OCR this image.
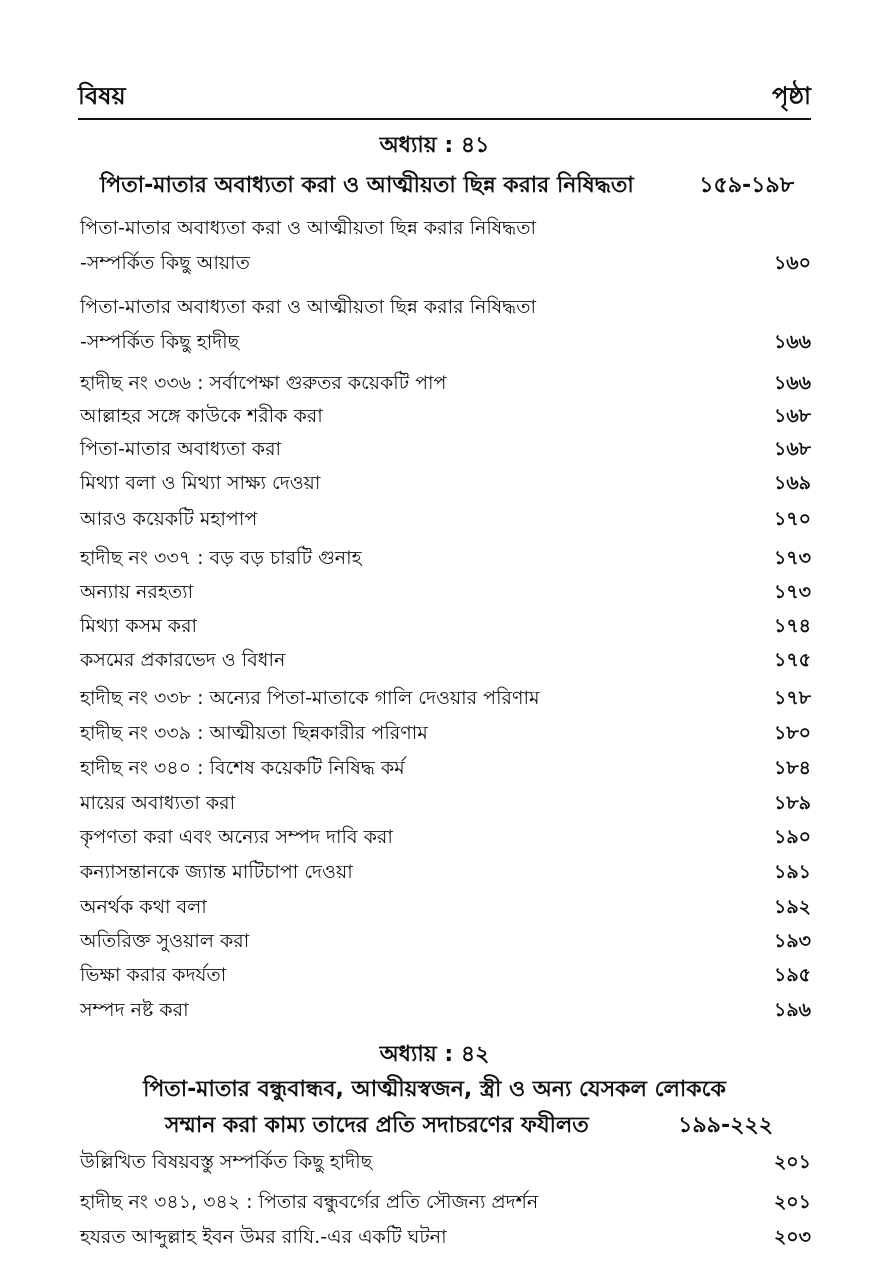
বিষয়	পৃষ্ঠা
অধ্যায় : ৪১
পিতা-মাতার অবাধ্যতা করা ও আত্মীয়তা ছিন্ন করার নিষিদ্ধতা	১৫৯-১৯৮
পিতা-মাতার অবাধ্যতা করা ও আত্মীয়তা ছিন্ন করার নিষিদ্ধতা
-সম্পর্কিত কিছু আয়াত	১৬০
পিতা-মাতার অবাধ্যতা করা ও আত্মীয়তা ছিন্ন করার নিষিদ্ধতা
-সম্পর্কিত কিছু হাদীছ	১৬৬
হাদীছ নং ৩৩৬ : সর্বাপেক্ষা গুরুতর কয়েকটি পাপ	১৬৬
আল্লাহর সঙ্গে কাউকে শরীক করা	১৬৮
পিতা-মাতার অবাধ্যতা করা	১৬৮
মিথ্যা বলা ও মিথ্যা সাক্ষ্য দেওয়া	১৬৯
আরও কয়েকটি মহাপাপ	১৭০
হাদীছ নং ৩৩৭ : বড় বড় চারটি গুনাহ	১৭৩
অন্যায় নরহত্যা	১৭৩
মিথ্যা কসম করা	১৭৪
কসমের প্রকারভেদ ও বিধান	১৭৫
হাদীছ নং ৩৩৮ : অন্যের পিতা-মাতাকে গালি দেওয়ার পরিণাম	১৭৮
হাদীছ নং ৩৩৯ : আত্মীয়তা ছিন্নকারীর পরিণাম	১৮০
হাদীছ নং ৩৪০ : বিশেষ কয়েকটি নিষিদ্ধ কর্ম	১৮৪
মায়ের অবাধ্যতা করা	১৮৯
কৃপণতা করা এবং অন্যের সম্পদ দাবি করা	১৯০
কন্যাসন্তানকে জ্যান্ত মাটিচাপা দেওয়া	১৯১
অনর্থক কথা বলা	১৯২
অতিরিক্ত সুওয়াল করা	১৯৩
ভিক্ষা করার কদর্যতা	১৯৫
সম্পদ নষ্ট করা	১৯৬
অধ্যায় : ৪২
পিতা-মাতার বন্ধুবান্ধব, আত্মীয়স্বজন, স্ত্রী ও অন্য যেসকল লোককে
সম্মান করা কাম্য তাদের প্রতি সদাচরণের ফযীলত	১৯৯-২২২
উল্লিখিত বিষয়বস্তু সম্পর্কিত কিছু হাদীছ	২০১
হাদীছ নং ৩৪১, ৩৪২ : পিতার বন্ধুবর্গের প্রতি সৌজন্য প্রদর্শন	২০১
হযরত আব্দুল্লাহ ইবন উমর রাযি.-এর একটি ঘটনা	২০৩
